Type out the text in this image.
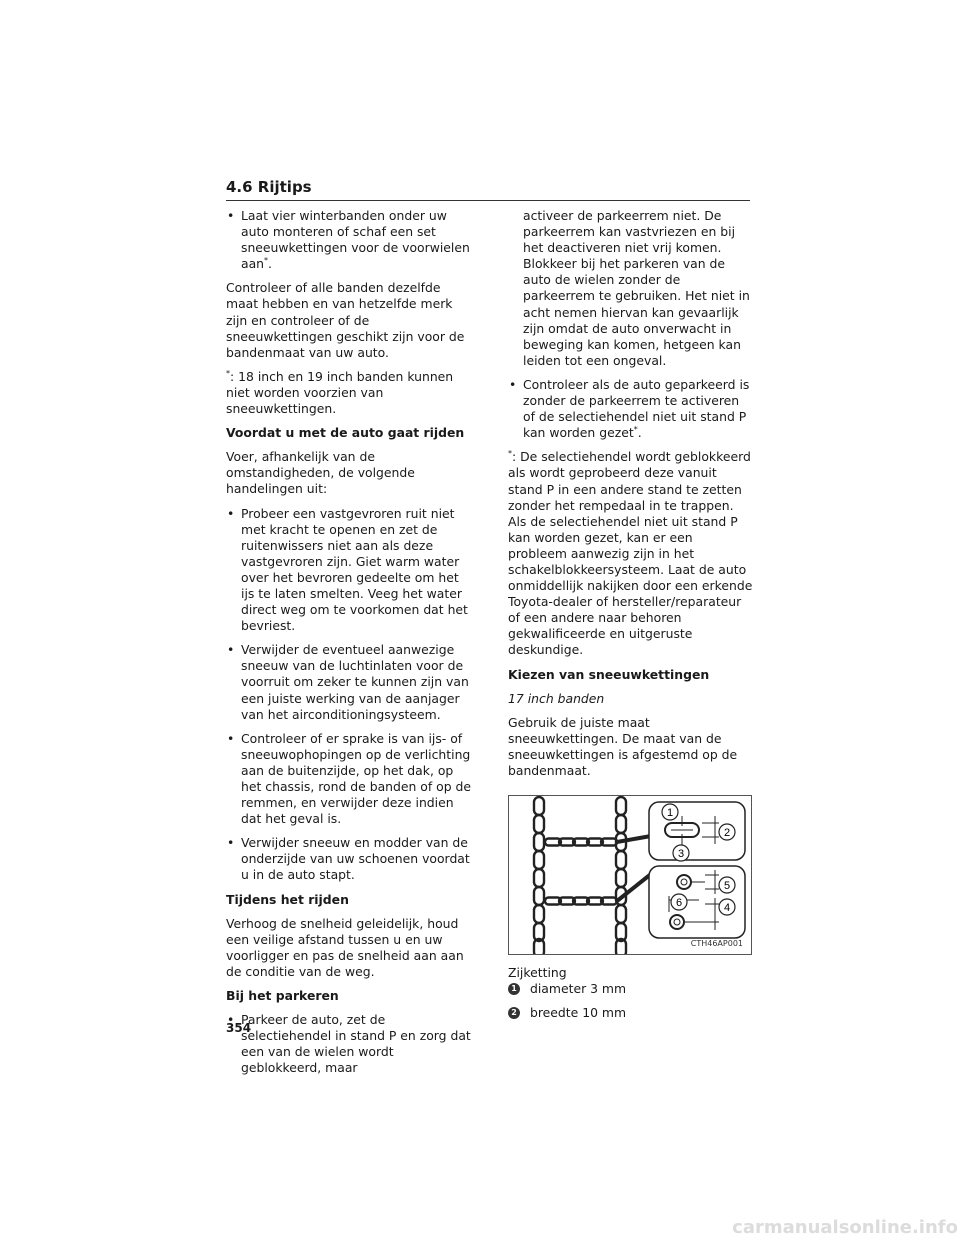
4.6 Rijtips
• Laat vier winterbanden onder uw auto monteren of schaf een set sneeuwkettingen voor de voorwielen aan*.

Controleer of alle banden dezelfde maat hebben en van hetzelfde merk zijn en controleer of de sneeuwkettingen geschikt zijn voor de bandenmaat van uw auto.

*: 18 inch en 19 inch banden kunnen niet worden voorzien van sneeuwkettingen.

Voordat u met de auto gaat rijden

Voer, afhankelijk van de omstandigheden, de volgende handelingen uit:

• Probeer een vastgevroren ruit niet met kracht te openen en zet de ruitenwissers niet aan als deze vastgevroren zijn. Giet warm water over het bevroren gedeelte om het ijs te laten smelten. Veeg het water direct weg om te voorkomen dat het bevriest.
• Verwijder de eventueel aanwezige sneeuw van de luchtinlaten voor de voorruit om zeker te kunnen zijn van een juiste werking van de aanjager van het airconditioningsysteem.
• Controleer of er sprake is van ijs- of sneeuwophopingen op de verlichting aan de buitenzijde, op het dak, op het chassis, rond de banden of op de remmen, en verwijder deze indien dat het geval is.
• Verwijder sneeuw en modder van de onderzijde van uw schoenen voordat u in de auto stapt.
Tijdens het rijden

Verhoog de snelheid geleidelijk, houd een veilige afstand tussen u en uw voorligger en pas de snelheid aan aan de conditie van de weg.

Bij het parkeren
• Parkeer de auto, zet de selectiehendel in stand P en zorg dat een van de wielen wordt geblokkeerd, maar
activeer de parkeerrem niet. De parkeerrem kan vastvriezen en bij het deactiveren niet vrij komen. Blokkeer bij het parkeren van de auto de wielen zonder de parkeerrem te gebruiken. Het niet in acht nemen hiervan kan gevaarlijk zijn omdat de auto onverwacht in beweging kan komen, hetgeen kan leiden tot een ongeval.
• Controleer als de auto geparkeerd is zonder de parkeerrem te activeren of de selectiehendel niet uit stand P kan worden gezet*.

*: De selectiehendel wordt geblokkeerd als wordt geprobeerd deze vanuit stand P in een andere stand te zetten zonder het rempedaal in te trappen. Als de selectiehendel niet uit stand P kan worden gezet, kan er een probleem aanwezig zijn in het schakelblokkeersysteem. Laat de auto onmiddellijk nakijken door een erkende Toyota-dealer of hersteller/reparateur of een andere naar behoren gekwalificeerde en uitgeruste deskundige.

Kiezen van sneeuwkettingen
17 inch banden

Gebruik de juiste maat sneeuwkettingen. De maat van de sneeuwkettingen is afgestemd op de bandenmaat.

1
2
3
5
4
6
CTH46AP001

Zijketting

1 diameter 3 mm
2 breedte 10 mm
354
carmanualsonline.info
